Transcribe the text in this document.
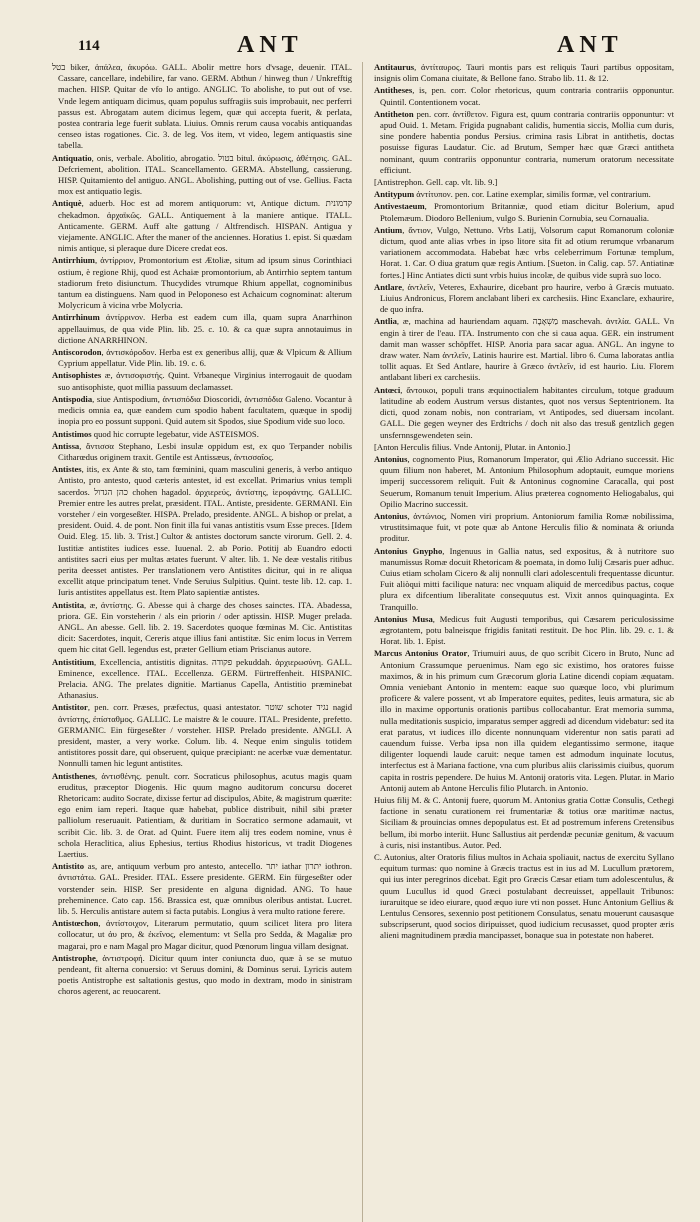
114	ANT	ANT

בטל biker, ἀπάλεα, ἀκυρόω. GALL. Abolir mettre hors d'vsage, deuenir. ITAL. Cassare, cancellare, indebilire, far vano. GERM. Abthun / hinweg thun / Unkrefftig machen. HISP. Quitar de vfo lo antigo. ANGLIC. To abolishe, to put out of vse. Vnde legem antiquam dicimus, quam populus suffragiis suis improbauit, nec perferri passus est. Abrogatam autem dicimus legem, quæ qui accepta fuerit, & perlata, postea contraria lege fuerit sublata. Liuius. Omnis rerum causa vocabis antiquandas censeo istas rogationes. Cic. 3. de leg. Vos item, vt video, legem antiquastis sine tabella.

Antiquatio, onis, verbale. Abolitio, abrogatio. בטול bitul. ἀκύρωσις, ἀθέτησις. GAL. Defcriement, abolition. ITAL. Scancellamento. GERMA. Abstellung, cassierung. HISP. Quitamiento del antiguo. ANGL. Abolishing, putting out of vse. Gellius. Facta mox est antiquatio legis.

Antiquè, aduerb. Hoc est ad morem antiquorum: vt, Antique dictum. קדמונית chekadmon. ἀρχαϊκῶς. GALL. Antiquement à la maniere antique. ITALL. Anticamente. GERM. Auff alte gattung / Altfrendisch. HISPAN. Antigua y viejamente. ANGLIC. After the maner of the anciennes. Horatius 1. epist. Si quædam nimis antique, si pleraque dure Dicere credat eos.

Antirrhium, ἀντίρριον, Promontorium est Ætoliæ, situm ad ipsum sinus Corinthiaci ostium, è regione Rhij, quod est Achaiæ promontorium, ab Antirrhio septem tantum stadiorum freto disiunctum. Thucydides vtrumque Rhium appellat, cognominibus tantum ea distinguens. Nam quod in Peloponeso est Achaicum cognominat: alterum Molycricum à vicina vrbe Molycria.

Antirrhinum ἀντίρρινον. Herba est eadem cum illa, quam supra Anarrhinon appellauimus, de qua vide Plin. lib. 25. c. 10. & ca quæ supra annotauimus in dictione ANARRHINON.

Antiscorodon, ἀντισκόροδον. Herba est ex generibus allij, quæ & Vlpicum & Allium Cyprium appellatur. Vide Plin. lib. 19. c. 6.

Antisophistes æ, ἀντισοφιστής. Quint. Vrbaneque Virginius interrogauit de quodam suo antisophiste, quot millia passuum declamasset.

Antispodia, siue Antispodium, ἀντισπόδια Dioscoridi, ἀντισπόδια Galeno. Vocantur à medicis omnia ea, quæ eandem cum spodio habent facultatem, quæque in spodij inopia pro eo possunt supponi. Quid autem sit Spodos, siue Spodium vide suo loco.

Antistimos quod hic corrupte legebatur, vide ASTEISMOS.

Antissa, ἄντισσα Stephano, Lesbi insulæ oppidum est, ex quo Terpander nobilis Citharœdus originem traxit. Gentile est Antissæus, ἀντισσαῖος.

Antistes, itis, ex Ante & sto, tam fœminini, quam masculini generis, à verbo antiquo Antisto, pro antesto, quod cæteris antestet, id est excellat. Primarius vnius templi sacerdos. כהן הגדול chohen hagadol. ἀρχιερεύς, ἀντίστης, ἱεροφάντης. GALLIC. Premier entre les autres prelat, præsident. ITAL. Antiste, presidente. GERMANI. Ein vorsteher / ein vorgeseßter. HISPA. Prelado, presidente. ANGL. A bishop or prelat, a president. Ouid. 4. de pont. Non finit illa fui vanas antistitis vsum Esse preces. [Idem Ouid. Eleg. 15. lib. 3. Trist.] Cultor & antistes doctorum sancte virorum. Gell. 2. 4. Iustitiæ antistites iudices esse. Iuuenal. 2. ab Porio. Potitij ab Euandro edocti antistites sacri eius per multas ætates fuerunt. V alter. lib. 1. Ne deæ vestalis ritibus perita deesset antistes. Per translationem vero Antistites dicitur, qui in re aliqua excellit atque principatum tenet. Vnde Seruius Sulpitius. Quint. teste lib. 12. cap. 1. Iuris antistites appellatus est. Item Plato sapientiæ antistes.

Antistita, æ, ἀντίστης. G. Abesse qui à charge des choses sainctes. ITA. Abadessa, priora. GE. Ein vorsteherin / als ein priorin / oder aptissin. HISP. Muger prelada. ANGL. An abesse. Gell. lib. 2. 19. Sacerdotes quoque fœminas M. Cic. Antistitas dicit: Sacerdotes, inquit, Cereris atque illius fani antistitæ. Sic enim locus in Verrem quem hic citat Gell. legendus est, præter Gellium etiam Priscianus autore.

Antistitium, Excellencia, antistitis dignitas. פקודה pekuddah. ἀρχιερωσύνη. GALL. Eminence, excellence. ITAL. Eccellenza. GERM. Fürtreffenheit. HISPANIC. Prelacia. ANG. The prelates dignitie. Martianus Capella, Antistitio præminebat Athanasius.

Antistitor, pen. corr. Præses, præfectus, quasi antestator. שוטר schoter נגיד nagid ἀντίστης, ἐπίσταθμος. GALLIC. Le maistre & le couure. ITAL. Presidente, prefetto. GERMANIC. Ein fürgeseßter / vorsteher. HISP. Prelado presidente. ANGLI. A president, master, a very worke. Colum. lib. 4. Neque enim singulis totidem antistitores possit dare, qui obseruent, quique præcipiant: ne acerbæ vuæ dementatur. Nonnulli tamen hic legunt antistites.

Antisthenes, ἀντισθένης. penult. corr. Socraticus philosophus, acutus magis quam eruditus, præceptor Diogenis. Hic quum magno auditorum concursu doceret Rhetoricam: audito Socrate, dixisse fertur ad discipulos, Abite, & magistrum quærite: ego enim iam reperi. Itaque quæ habebat, publice distribuit, nihil sibi præter palliolum reseruauit. Patientiam, & duritiam in Socratico sermone adamauit, vt scribit Cic. lib. 3. de Orat. ad Quint. Fuere item alij tres eodem nomine, vnus è schola Heraclitica, alius Ephesius, tertius Rhodius historicus, vt tradit Diogenes Laertius.

Antistito as, are, antiquum verbum pro antesto, antecello. יתר iathar יתרון iothron. ἀντιστάτω. GAL. Presider. ITAL. Essere presidente. GERM. Ein fürgeseßter oder vorstender sein. HISP. Ser presidente en alguna dignidad. ANG. To haue preheminence. Cato cap. 156. Brassica est, quæ omnibus oleribus antistat. Lucret. lib. 5. Herculis antistare autem si facta putabis. Longius à vera multo ratione ferere.

Antistœchon, ἀντίστοιχον, Literarum permutatio, quum scilicet litera pro litera collocatur, ut ἀυ pro, & ἐκεῖνος, elementum: vt Sella pro Sedda, & Magaliæ pro magarai, pro e nam Magal pro Magar dicitur, quod Pœnorum lingua villam designat.

Antistrophe, ἀντιστροφή. Dicitur quum inter coniuncta duo, quæ à se se mutuo pendeant, fit alterna conuersio: vt Seruus domini, & Dominus serui. Lyricis autem poetis Antistrophe est saltationis gestus, quo modo in dextram, modo in sinistram choros agerent, ac reuocarent.

Antitaurus, ἀντίταυρος. Tauri montis pars est reliquis Tauri partibus oppositam, insignis olim Comana ciuitate, & Bellone fano. Strabo lib. 11. & 12.

Antitheses, is, pen. corr. Color rhetoricus, quum contraria contrariis opponuntur. Quintil. Contentionem vocat.

Antitheton pen. corr. ἀντίθετον. Figura est, quum contraria contrariis opponuntur: vt apud Ouid. 1. Metam. Frigida pugnabant calidis, humentia siccis, Mollia cum duris, sine pondere habentia pondus Persius. crimina rasis Librat in antithetis, doctas posuisse figuras Laudatur. Cic. ad Brutum, Semper hæc quæ Græci antitheta nominant, quum contrariis opponuntur contraria, numerum oratorum necessitate efficiunt.

[Antistrephon. Gell. cap. vlt. lib. 9.]

Antitypum ἀντίτυπον. pen. cor. Latine exemplar, similis formæ, vel contrarium.

Antivestaeum, Promontorium Britanniæ, quod etiam dicitur Bolerium, apud Ptolemæum. Diodoro Bellenium, vulgo S. Burienin Cornubia, seu Cornaualia.

Antium, ἄντιον, Vulgo, Nettuno. Vrbs Latij, Volsorum caput Romanorum coloniæ dictum, quod ante alias vrbes in ipso litore sita fit ad otium rerumque vrbanarum variationem accommodata. Habebat hæc vrbs celeberrimum Fortunæ templum, Horat. 1. Car. O diua gratum quæ regis Antium. [Sueton. in Calig. cap. 57. Antiatinæ fortes.] Hinc Antiates dicti sunt vrbis huius incolæ, de quibus vide suprà suo loco.

Antlare, ἀντλεῖν, Veteres, Exhaurire, dicebant pro haurire, verbo à Græcis mutuato. Liuius Andronicus, Florem anclabant liberi ex carchesiis. Hinc Exanclare, exhaurire, de quo infra.

Antlia, æ, machina ad hauriendam aquam. מַשְׁאָבָה maschevah. ἀντλία. GALL. Vn engin à tirer de l'eau. ITA. Instrumento con che si caua aqua. GER. ein instrument damit man wasser schöpffet. HISP. Anoria para sacar agua. ANGL. An ingyne to draw water. Nam ἀντλεῖν, Latinis haurire est. Martial. libro 6. Cuma laboratas antlia tollit aquas. Et Sed Antlare, haurire à Græco ἀντλεῖν, id est haurio. Liu. Florem antlabant liberi ex carchesiis.

Antœci, ἄντοικοι, populi trans æquinoctialem habitantes circulum, totque graduum latitudine ab eodem Austrum versus distantes, quot nos versus Septentrionem. Ita dicti, quod zonam nobis, non contrariam, vt Antipodes, sed diuersam incolant. GALL. Die gegen weyner des Erdtrichs / doch nit also das tresuß gentzlich gegen unsfernnsgewendeten sein.

[Anton Herculis filius. Vnde Antonij, Plutar. in Antonio.]

Antonius, cognomento Pius, Romanorum Imperator, qui Ælio Adriano successit. Hic quum filium non haberet, M. Antonium Philosophum adoptauit, eumque moriens imperij successorem reliquit. Fuit & Antoninus cognomine Caracalla, qui post Seuerum, Romanum tenuit Imperium. Alius præterea cognomento Heliogabalus, qui Opilio Macrino successit.

Antonius, ἀντώνιος, Nomen viri proprium. Antoniorum familia Romæ nobilissima, vtrustitsimaque fuit, vt pote quæ ab Antone Herculis filio & nominata & oriunda proditur.

Antonius Gnypho, Ingenuus in Gallia natus, sed expositus, & à nutritore suo manumissus Romæ docuit Rhetoricam & poemata, in domo Iulij Cæsaris puer adhuc. Cuius etiam scholam Cicero & alij nonnulli clari adolescentuli frequentasse dicuntur. Fuit aliòqui mitti facilique natura: nec vnquam aliquid de mercedibus pactus, coque plura ex difcentium liberalitate consequutus est. Vixit annos quinquaginta. Ex Tranquillo.

Antonius Musa, Medicus fuit Augusti temporibus, qui Cæsarem periculosissime ægrotantem, potu balneisque frigidis fanitati restituit. De hoc Plin. lib. 29. c. 1. & Horat. lib. 1. Epist.

Marcus Antonius Orator, Triumuiri auus, de quo scribit Cicero in Bruto, Nunc ad Antonium Crassumque peruenimus. Nam ego sic existimo, hos oratores fuisse maximos, & in his primum cum Græcorum gloria Latine dicendi copiam æquatam. Omnia veniebant Antonio in mentem: eaque suo quæque loco, vbi plurimum proficere & valere possent, vt ab Imperatore equites, pedites, leuis armatura, sic ab illo in maxime opportunis orationis partibus collocabantur. Erat memoria summa, nulla meditationis suspicio, imparatus semper aggredi ad dicendum videbatur: sed ita erat paratus, vt iudices illo dicente nonnunquam viderentur non satis parati ad cauendum fuisse. Verba ipsa non illa quidem elegantissimo sermone, itaque diligenter loquendi laude caruit: neque tamen est admodum inquinate locutus, interfectus est à Mariana factione, vna cum pluribus aliis clarissimis ciuibus, quorum capita in rostris pependere. De huius M. Antonij oratoris vita. Legen. Plutar. in Mario Antonij autem ab Antone Herculis filio Plutarch. in Antonio.

Huius filij M. & C. Antonij fuere, quorum M. Antonius gratia Cottæ Consulis, Cethegi factione in senatu curationem rei frumentariæ & totius oræ maritimæ nactus, Siciliam & prouincias omnes depopulatus est. Et ad postremum inferens Cretensibus bellum, ibi morbo interiit. Hunc Sallustius ait perdendæ pecuniæ genitum, & vacuum à curis, nisi instantibus. Autor. Ped.

C. Autonius, alter Oratoris filius multos in Achaia spoliauit, nactus de exercitu Syllano equitum turmas: quo nomine à Græcis tractus est in ius ad M. Lucullum prætorem, qui ius inter peregrinos dicebat. Egit pro Græcis Cæsar etiam tum adolescentulus, & quum Lucullus id quod Græci postulabant decreuisset, appellauit Tribunos: iuraruitque se ideo eiurare, quod æquo iure vti non posset. Hunc Antonium Gellius & Lentulus Censores, sexennio post petitionem Consulatus, senatu mouerunt causasque subscripserunt, quod socios diripuisset, quod iudicium recusasset, quod propter æris alieni magnitudinem prædia mancipasset, bonaque sua in potestate non haberet.
